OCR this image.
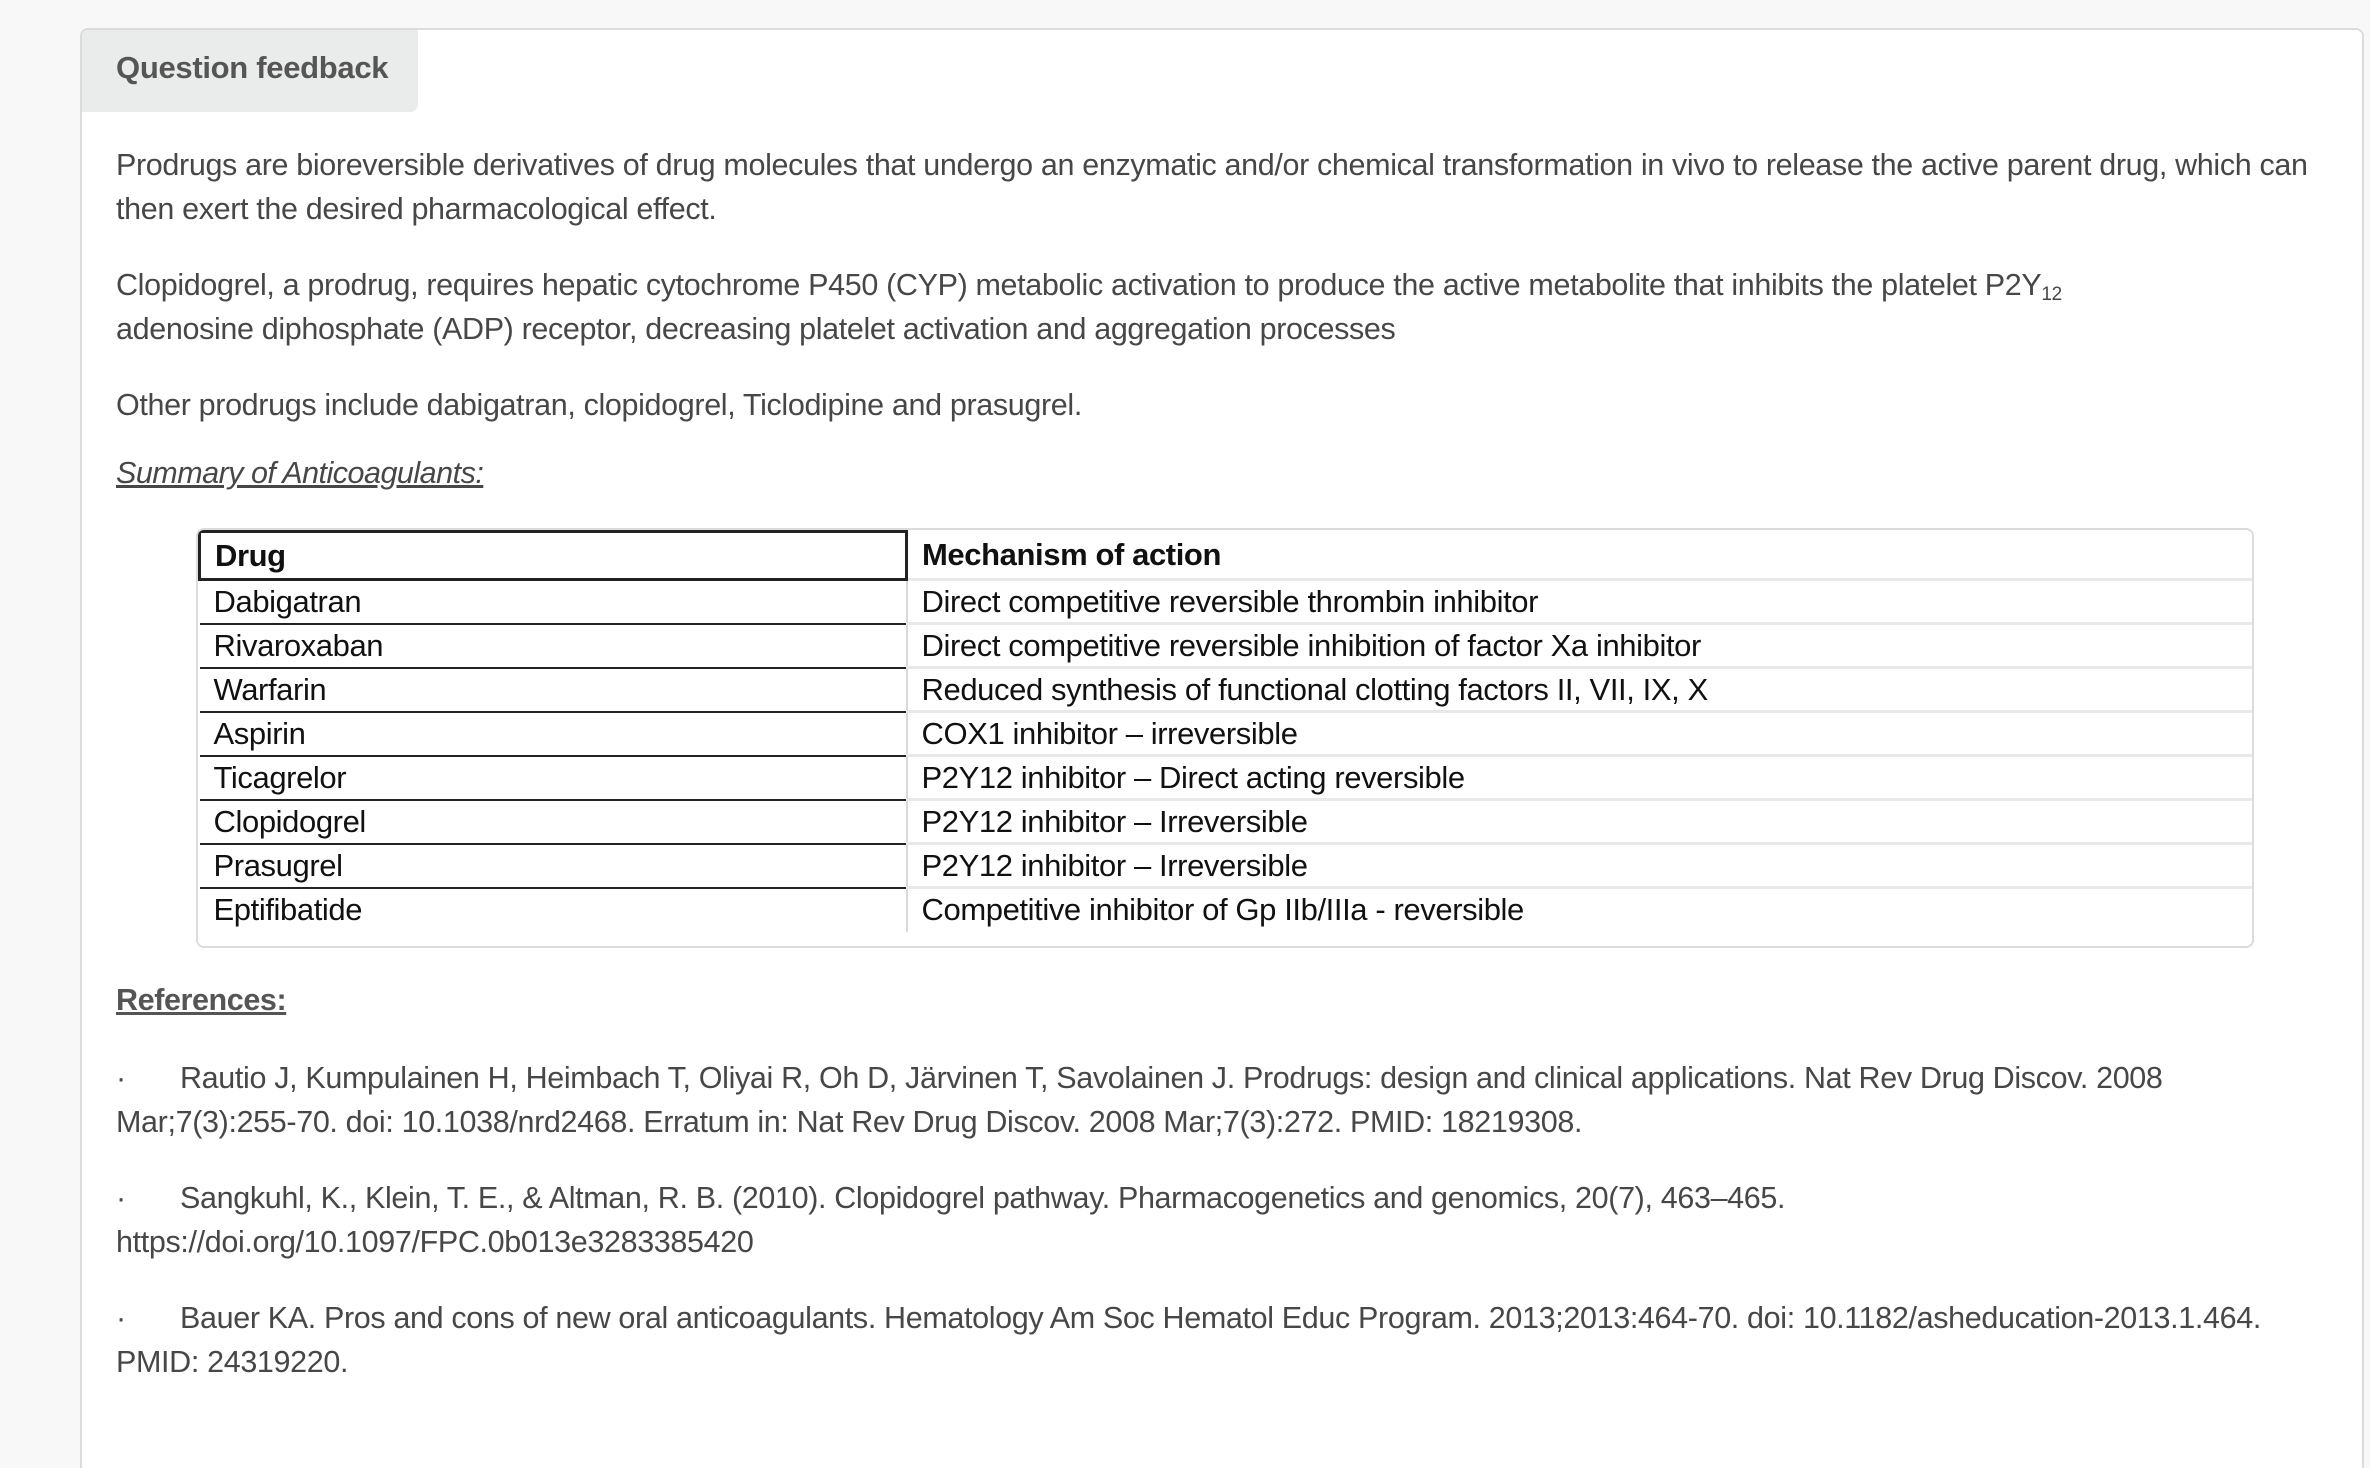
Question feedback

Prodrugs are bioreversible derivatives of drug molecules that undergo an enzymatic and/or chemical transformation in vivo to release the active parent drug, which can then exert the desired pharmacological effect.

Clopidogrel, a prodrug, requires hepatic cytochrome P450 (CYP) metabolic activation to produce the active metabolite that inhibits the platelet $P2Y_{12}$
adenosine diphosphate (ADP) receptor, decreasing platelet activation and aggregation processes

Other prodrugs include dabigatran, clopidogrel, Ticlodipine and prasugrel.

Summary of Anticoagulants:

Drug	Mechanism of action
Dabigatran	Direct competitive reversible thrombin inhibitor
Rivaroxaban	Direct competitive reversible inhibition of factor Xa inhibitor
Warfarin	Reduced synthesis of functional clotting factors II, VII, IX, X
Aspirin	COX1 inhibitor – irreversible
Ticagrelor	P2Y12 inhibitor – Direct acting reversible
Clopidogrel	P2Y12 inhibitor – Irreversible
Prasugrel	P2Y12 inhibitor – Irreversible
Eptifibatide	Competitive inhibitor of Gp IIb/IIIa - reversible

References:

· Rautio J, Kumpulainen H, Heimbach T, Oliyai R, Oh D, Järvinen T, Savolainen J. Prodrugs: design and clinical applications. Nat Rev Drug Discov. 2008 Mar;7(3):255-70. doi: 10.1038/nrd2468. Erratum in: Nat Rev Drug Discov. 2008 Mar;7(3):272. PMID: 18219308.

· Sangkuhl, K., Klein, T. E., & Altman, R. B. (2010). Clopidogrel pathway. Pharmacogenetics and genomics, 20(7), 463–465. https://doi.org/10.1097/FPC.0b013e3283385420

· Bauer KA. Pros and cons of new oral anticoagulants. Hematology Am Soc Hematol Educ Program. 2013;2013:464-70. doi: 10.1182/asheducation-2013.1.464. PMID: 24319220.
